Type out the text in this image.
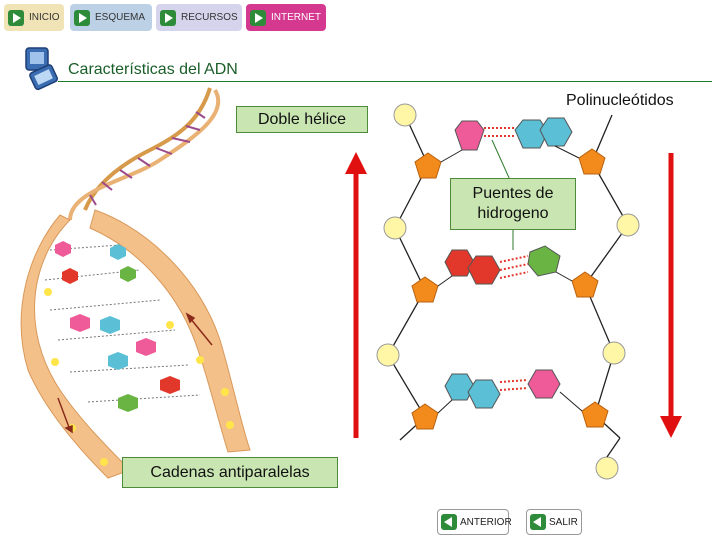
INICIO	ESQUEMA	RECURSOS	INTERNET
Características del ADN
Doble hélice
Polinucleótidos
Puentes de
hidrogeno
Cadenas antiparalelas
ANTERIOR	SALIR
